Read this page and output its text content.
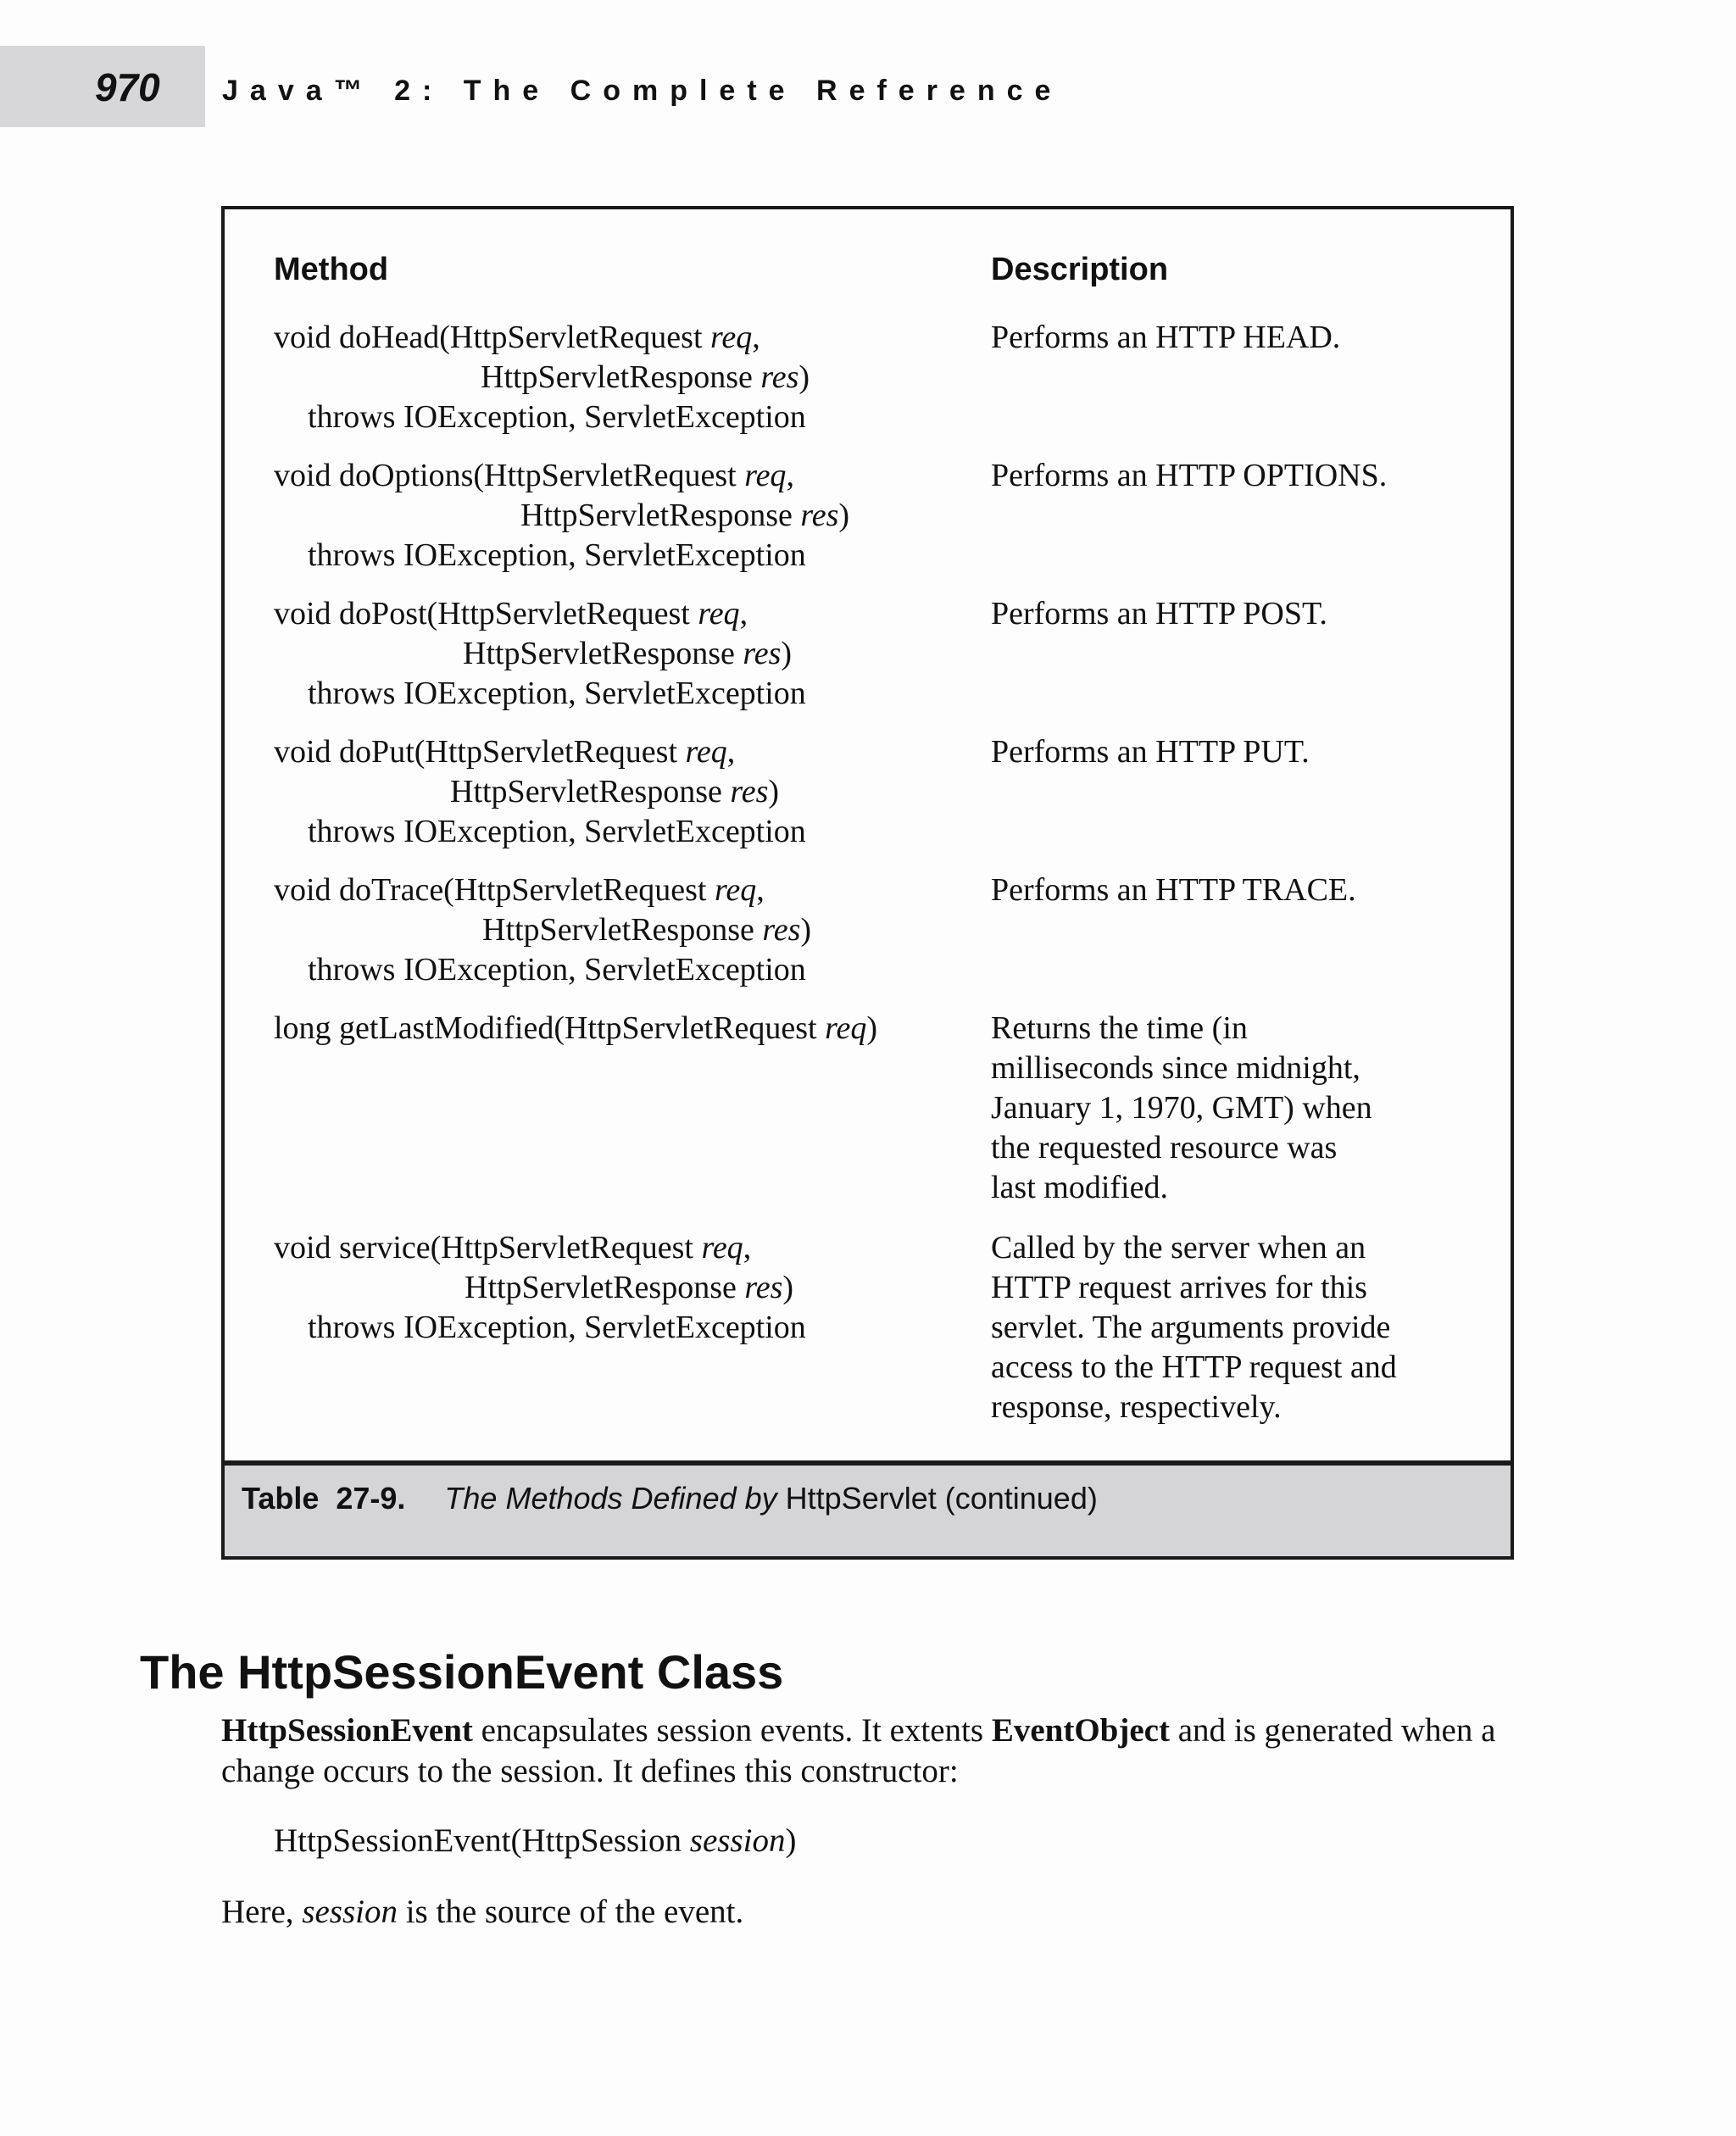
970 Java™ 2: The Complete Reference
Method	Description
void doHead(HttpServletRequest req,
HttpServletResponse res)
throws IOException, ServletException
Performs an HTTP HEAD.
void doOptions(HttpServletRequest req,
HttpServletResponse res)
throws IOException, ServletException
Performs an HTTP OPTIONS.
void doPost(HttpServletRequest req,
HttpServletResponse res)
throws IOException, ServletException
Performs an HTTP POST.
void doPut(HttpServletRequest req,
HttpServletResponse res)
throws IOException, ServletException
Performs an HTTP PUT.
void doTrace(HttpServletRequest req,
HttpServletResponse res)
throws IOException, ServletException
Performs an HTTP TRACE.
long getLastModified(HttpServletRequest req)	Returns the time (in
milliseconds since midnight,
January 1, 1970, GMT) when
the requested resource was
last modified.
void service(HttpServletRequest req,
HttpServletResponse res)
throws IOException, ServletException
Called by the server when an
HTTP request arrives for this
servlet. The arguments provide
access to the HTTP request and
response, respectively.
Table  27-9. The Methods Defined by HttpServlet (continued)
The HttpSessionEvent Class
HttpSessionEvent encapsulates session events. It extents EventObject and is generated when a change occurs to the session. It defines this constructor:
HttpSessionEvent(HttpSession session)
Here, session is the source of the event.
